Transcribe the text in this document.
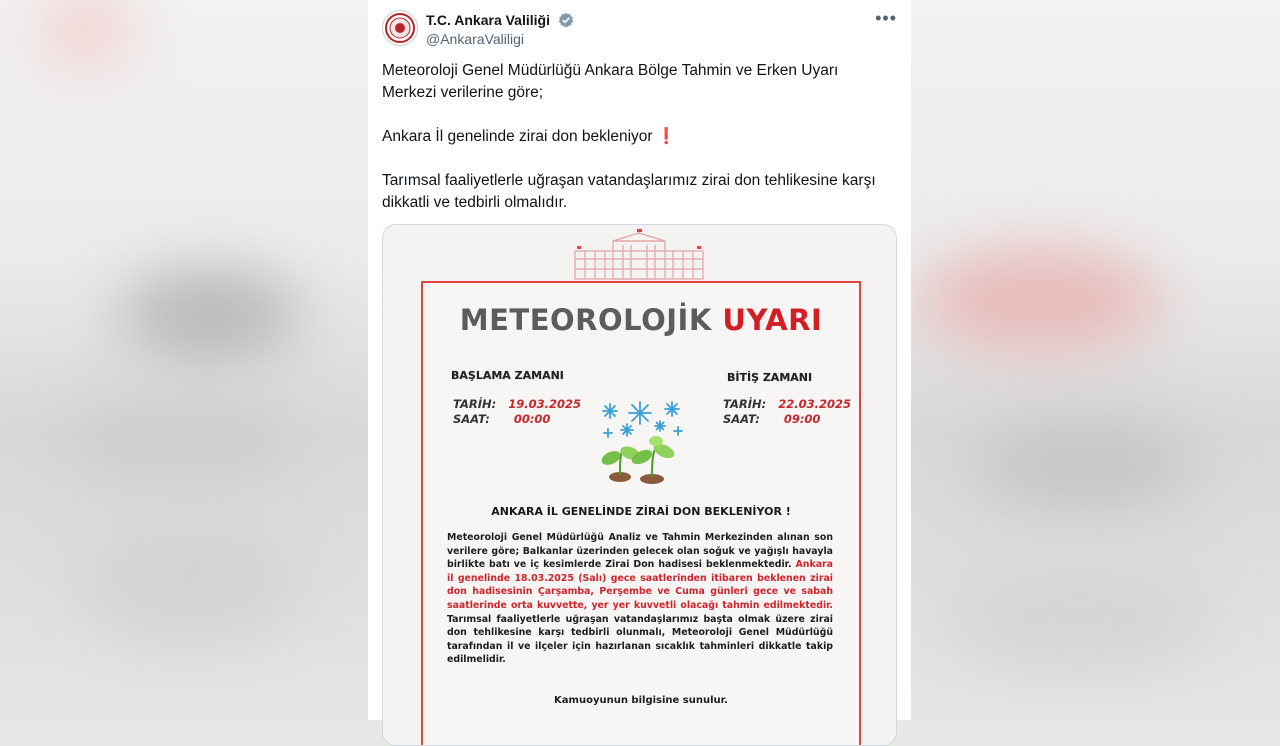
T.C. Ankara Valiliği
@AnkaraValiligi
•••

Meteoroloji Genel Müdürlüğü Ankara Bölge Tahmin ve Erken Uyarı Merkezi verilerine göre;

Ankara İl genelinde zirai don bekleniyor ❗

Tarımsal faaliyetlerle uğraşan vatandaşlarımız zirai don tehlikesine karşı dikkatli ve tedbirli olmalıdır.

METEOROLOJİK UYARI
BAŞLAMA ZAMANI	BİTİŞ ZAMANI
TARİH: 19.03.2025
SAAT: 00:00
TARİH: 22.03.2025
SAAT: 09:00
ANKARA İL GENELİNDE ZİRAİ DON BEKLENİYOR !
Meteoroloji Genel Müdürlüğü Analiz ve Tahmin Merkezinden alınan son verilere göre; Balkanlar üzerinden gelecek olan soğuk ve yağışlı havayla birlikte batı ve iç kesimlerde Zirai Don hadisesi beklenmektedir. Ankara il genelinde 18.03.2025 (Salı) gece saatlerinden itibaren beklenen zirai don hadisesinin Çarşamba, Perşembe ve Cuma günleri gece ve sabah saatlerinde orta kuvvette, yer yer kuvvetli olacağı tahmin edilmektedir. Tarımsal faaliyetlerle uğraşan vatandaşlarımız başta olmak üzere zirai don tehlikesine karşı tedbirli olunmalı, Meteoroloji Genel Müdürlüğü tarafından il ve ilçeler için hazırlanan sıcaklık tahminleri dikkatle takip edilmelidir.
Kamuoyunun bilgisine sunulur.
